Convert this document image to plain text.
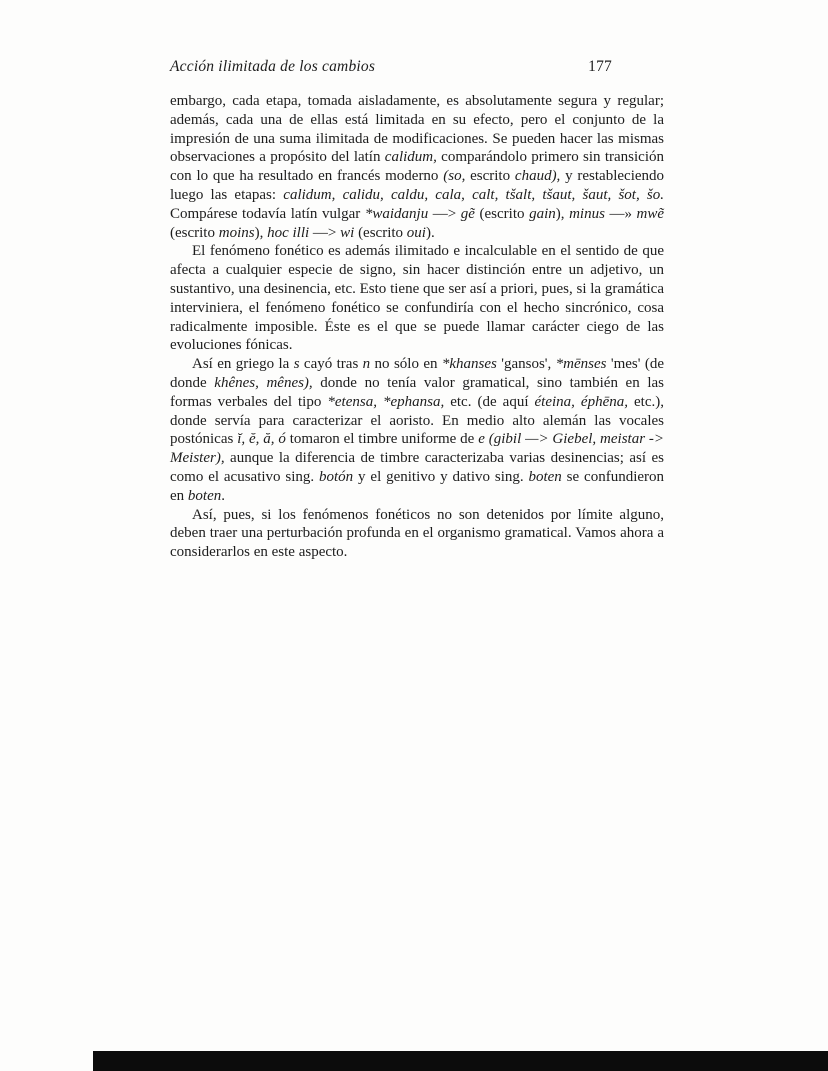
Acción ilimitada de los cambios	177

embargo, cada etapa, tomada aisladamente, es absolutamente segura y regular; además, cada una de ellas está limitada en su efecto, pero el conjunto de la impresión de una suma ilimitada de modificaciones. Se pueden hacer las mismas observaciones a propósito del latín calidum, comparándolo primero sin transición con lo que ha resultado en francés moderno (so, escrito chaud), y restableciendo luego las etapas: calidum, calidu, caldu, cala, calt, tšalt, tšaut, šaut, šot, šo. Compárese todavía latín vulgar *waidanju —> gẽ (escrito gain), minus —» mwẽ (escrito moins), hoc illi —> wi (escrito oui).

El fenómeno fonético es además ilimitado e incalculable en el sentido de que afecta a cualquier especie de signo, sin hacer distinción entre un adjetivo, un sustantivo, una desinencia, etc. Esto tiene que ser así a priori, pues, si la gramática interviniera, el fenómeno fonético se confundiría con el hecho sincrónico, cosa radicalmente imposible. Éste es el que se puede llamar carácter ciego de las evoluciones fónicas.

Así en griego la s cayó tras n no sólo en *khanses 'gansos', *mēnses 'mes' (de donde khênes, mênes), donde no tenía valor gramatical, sino también en las formas verbales del tipo *etensa, *ephansa, etc. (de aquí éteina, éphēna, etc.), donde servía para caracterizar el aoristo. En medio alto alemán las vocales postónicas ĭ, ĕ, ă, ó tomaron el timbre uniforme de e (gibil —> Giebel, meistar -> Meister), aunque la diferencia de timbre caracterizaba varias desinencias; así es como el acusativo sing. botón y el genitivo y dativo sing. boten se confundieron en boten.

Así, pues, si los fenómenos fonéticos no son detenidos por límite alguno, deben traer una perturbación profunda en el organismo gramatical. Vamos ahora a considerarlos en este aspecto.
